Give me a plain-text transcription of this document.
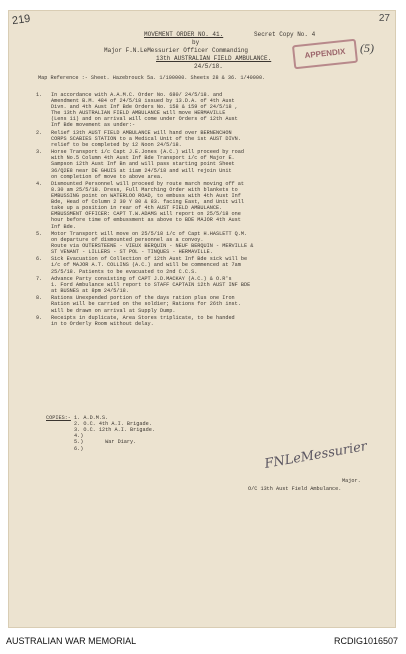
219	27
MOVEMENT ORDER NO. 41.	Secret Copy No. 4
by
Major F.N.LeMessurier Officer Commanding
13th AUSTRALIAN FIELD AMBULANCE.
24/5/18.
APPENDIX	(5)
Map Reference :- Sheet. Hazebrouck 5a. 1/100000. Sheets 28 & 36. 1/40000.
1. In accordance with A.A.M.C. Order No. 680/ 24/5/18. and
Amendment B.M. 484 of 24/5/18 issued by 13.D.A. of 4th Aust
Divn. and 4th Aust Inf Bde Orders No. 158 & 159 of 24/5/18 ,
The 13th AUSTRALIAN FIELD AMBULANCE will move HERMAVILLE
(Lens 11) and on arrival will come under Orders of 12th Aust
Inf Bde movement as under:-
2. Relief 13th AUST FIELD AMBULANCE will hand over BERNENCHON
CORPS SCABIES STATION to a Medical Unit of the 1st AUST DIVN.
relief to be completed by 12 Noon 24/5/18.
3. Horse Transport i/c Capt J.E.Jones (A.C.) will proceed by road
with No.5 Column 4th Aust Inf Bde Transport i/c of Major E.
Sampson 12th Aust Inf Bn and will pass starting point Sheet
36/Q2E8 near DE GHUIS at 11am 24/5/18 and will rejoin Unit
on completion of move to above area.
4. Dismounted Personnel will proceed by route march moving off at
8.30 am 25/5/18. Dress, Full Marching Order with blankets to
EMBUSSING point on WATERLOO ROAD, to embuss with 4th Aust Inf
Bde, Head of Column 2 30 Y 80 & 83. facing East, and Unit will
take up a position in rear of 4th AUST FIELD AMBULANCE.
EMBUSSMENT OFFICER: CAPT T.W.ADAMS will report on 25/5/18 one
hour before time of embussment as above to BDE MAJOR 4th Aust
Inf Bde.
5. Motor Transport will move on 25/5/18 i/c of Capt H.HASLETT Q.M.
on departure of dismounted personnel as a convoy.
Route via OUTERSTEENE - VIEUX BERQUIN - NEUF BERQUIN - MERVILLE &
ST VENANT - LILLERS - ST POL - TINQUES - HERMAVILLE.
6. Sick Evacuation of Collection of 12th Aust Inf Bde sick will be
i/c of MAJOR A.T. COLLINS (A.C.) and will be commenced at 7am
25/5/18. Patients to be evacuated to 2nd C.C.S.
7. Advance Party consisting of CAPT J.D.MACKAY (A.C.) & O.R's
1. Ford Ambulance will report to STAFF CAPTAIN 12th AUST INF BDE
at BUSNES at 8pm 24/5/18.
8. Rations Unexpended portion of the days ration plus one Iron
Ration will be carried on the soldier; Rations for 26th inst.
will be drawn on arrival at Supply Dump.
9. Receipts in duplicate, Area Stores triplicate, to be handed
in to Orderly Room without delay.
COPIES:- 1. A.D.M.S.
2. O.C. 4th A.I. Brigade.
3. O.C. 12th A.I. Brigade.
4.)
5.)       War Diary.
6.)	FNLeMessurier
Major.
O/C 13th Aust Field Ambulance.
AUSTRALIAN WAR MEMORIAL	RCDIG1016507
